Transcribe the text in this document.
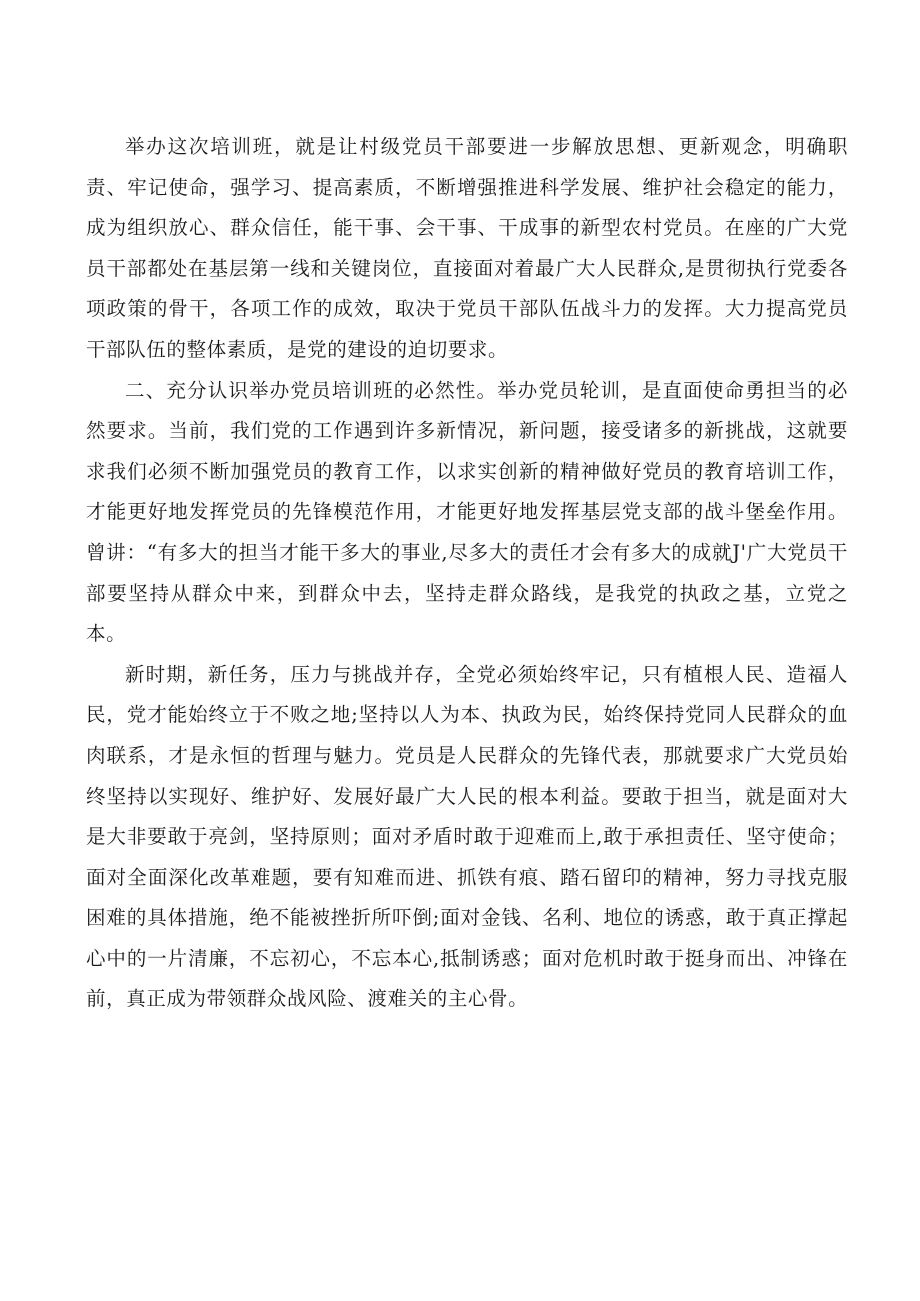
举办这次培训班，就是让村级党员干部要进一步解放思想、更新观念，明确职责、牢记使命，强学习、提高素质，不断增强推进科学发展、维护社会稳定的能力，成为组织放心、群众信任，能干事、会干事、干成事的新型农村党员。在座的广大党员干部都处在基层第一线和关键岗位，直接面对着最广大人民群众,是贯彻执行党委各项政策的骨干，各项工作的成效，取决于党员干部队伍战斗力的发挥。大力提高党员干部队伍的整体素质，是党的建设的迫切要求。

二、充分认识举办党员培训班的必然性。举办党员轮训，是直面使命勇担当的必然要求。当前，我们党的工作遇到许多新情况，新问题，接受诸多的新挑战，这就要求我们必须不断加强党员的教育工作，以求实创新的精神做好党员的教育培训工作，才能更好地发挥党员的先锋模范作用，才能更好地发挥基层党支部的战斗堡垒作用。曾讲：“有多大的担当才能干多大的事业,尽多大的责任才会有多大的成就J'广大党员干部要坚持从群众中来，到群众中去，坚持走群众路线，是我党的执政之基，立党之本。

新时期，新任务，压力与挑战并存，全党必须始终牢记，只有植根人民、造福人民，党才能始终立于不败之地;坚持以人为本、执政为民，始终保持党同人民群众的血肉联系，才是永恒的哲理与魅力。党员是人民群众的先锋代表，那就要求广大党员始终坚持以实现好、维护好、发展好最广大人民的根本利益。要敢于担当，就是面对大是大非要敢于亮剑，坚持原则；面对矛盾时敢于迎难而上,敢于承担责任、坚守使命；面对全面深化改革难题，要有知难而进、抓铁有痕、踏石留印的精神，努力寻找克服困难的具体措施，绝不能被挫折所吓倒;面对金钱、名利、地位的诱惑，敢于真正撑起心中的一片清廉，不忘初心，不忘本心,抵制诱惑；面对危机时敢于挺身而出、冲锋在前，真正成为带领群众战风险、渡难关的主心骨。
